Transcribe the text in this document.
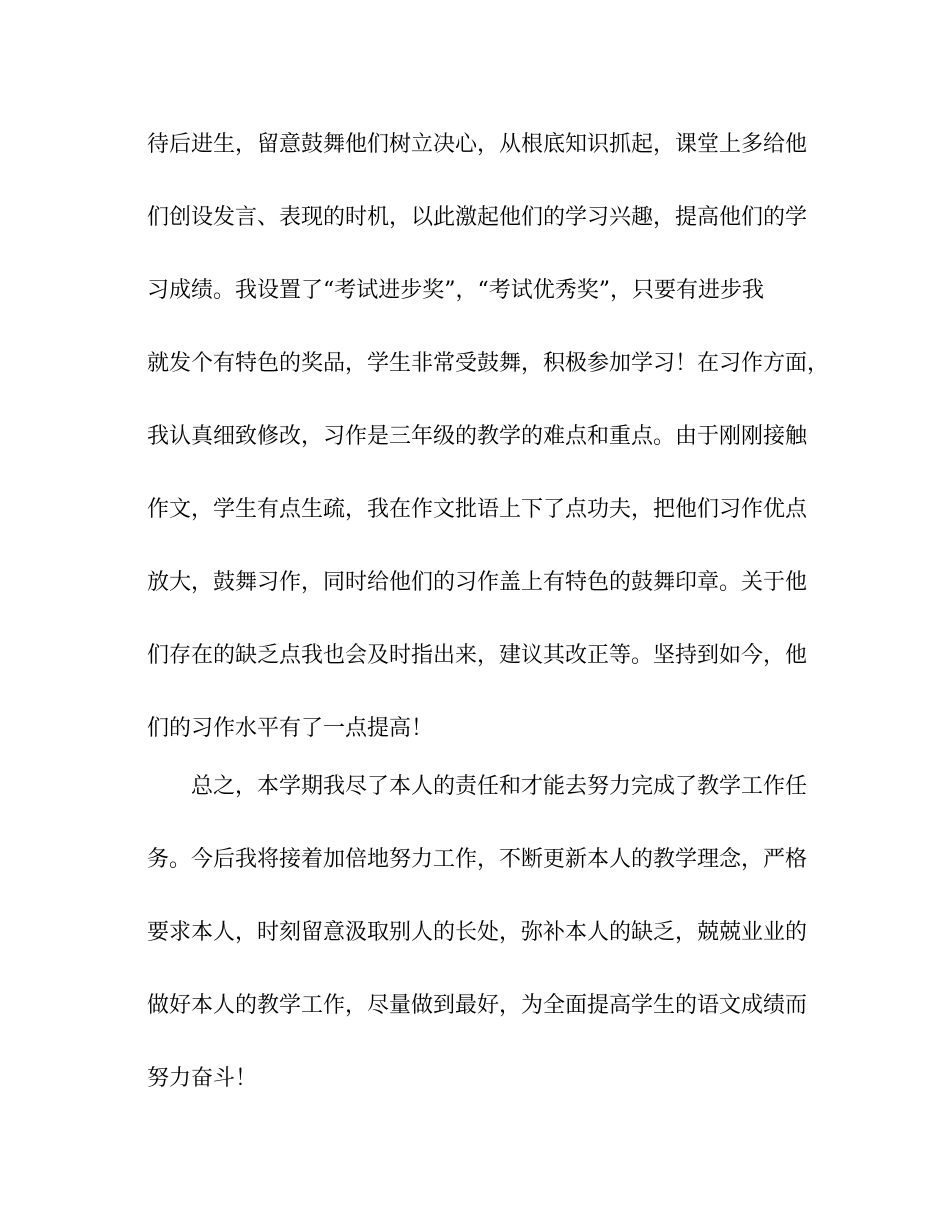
待后进生，留意鼓舞他们树立决心，从根底知识抓起，课堂上多给他
们创设发言、表现的时机，以此激起他们的学习兴趣，提高他们的学
习成绩。我设置了“考试进步奖”，“考试优秀奖”，只要有进步我
就发个有特色的奖品，学生非常受鼓舞，积极参加学习！在习作方面，
我认真细致修改，习作是三年级的教学的难点和重点。由于刚刚接触
作文，学生有点生疏，我在作文批语上下了点功夫，把他们习作优点
放大，鼓舞习作，同时给他们的习作盖上有特色的鼓舞印章。关于他
们存在的缺乏点我也会及时指出来，建议其改正等。坚持到如今，他
们的习作水平有了一点提高！
总之，本学期我尽了本人的责任和才能去努力完成了教学工作任
务。今后我将接着加倍地努力工作，不断更新本人的教学理念，严格
要求本人，时刻留意汲取别人的长处，弥补本人的缺乏，兢兢业业的
做好本人的教学工作，尽量做到最好，为全面提高学生的语文成绩而
努力奋斗！
